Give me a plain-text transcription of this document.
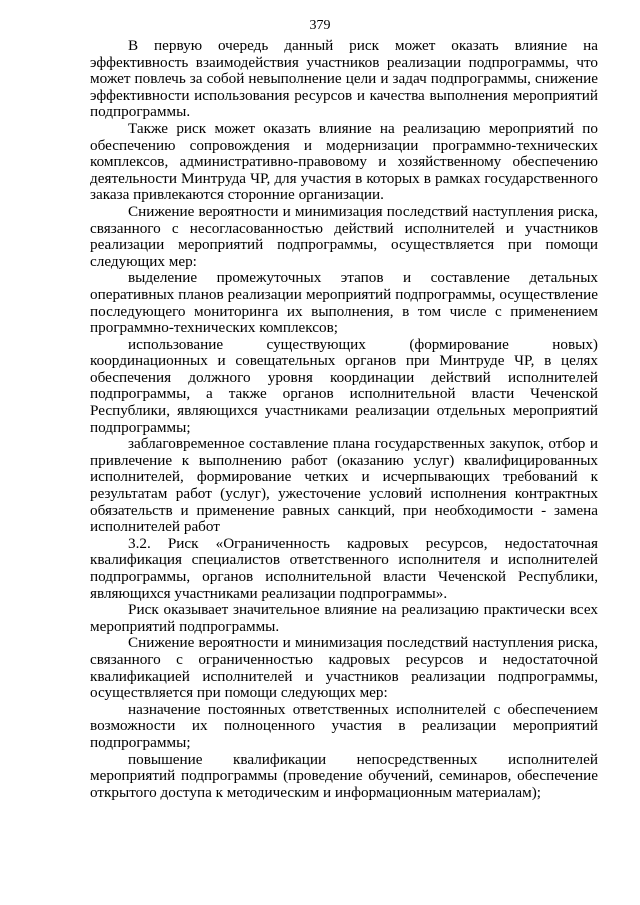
379

В первую очередь данный риск может оказать влияние на эффективность взаимодействия участников реализации подпрограммы, что может повлечь за собой невыполнение цели и задач подпрограммы, снижение эффективности использования ресурсов и качества выполнения мероприятий подпрограммы.

Также риск может оказать влияние на реализацию мероприятий по обеспечению сопровождения и модернизации программно-технических комплексов, административно-правовому и хозяйственному обеспечению деятельности Минтруда ЧР, для участия в которых в рамках государственного заказа привлекаются сторонние организации.

Снижение вероятности и минимизация последствий наступления риска, связанного с несогласованностью действий исполнителей и участников реализации мероприятий подпрограммы, осуществляется при помощи следующих мер:

выделение промежуточных этапов и составление детальных оперативных планов реализации мероприятий подпрограммы, осуществление последующего мониторинга их выполнения, в том числе с применением программно-технических комплексов;

использование существующих (формирование новых) координационных и совещательных органов при Минтруде ЧР, в целях обеспечения должного уровня координации действий исполнителей подпрограммы, а также органов исполнительной власти Чеченской Республики, являющихся участниками реализации отдельных мероприятий подпрограммы;

заблаговременное составление плана государственных закупок, отбор и привлечение к выполнению работ (оказанию услуг) квалифицированных исполнителей, формирование четких и исчерпывающих требований к результатам работ (услуг), ужесточение условий исполнения контрактных обязательств и применение равных санкций, при необходимости - замена исполнителей работ

3.2. Риск «Ограниченность кадровых ресурсов, недостаточная квалификация специалистов ответственного исполнителя и исполнителей подпрограммы, органов исполнительной власти Чеченской Республики, являющихся участниками реализации подпрограммы».

Риск оказывает значительное влияние на реализацию практически всех мероприятий подпрограммы.

Снижение вероятности и минимизация последствий наступления риска, связанного с ограниченностью кадровых ресурсов и недостаточной квалификацией исполнителей и участников реализации подпрограммы, осуществляется при помощи следующих мер:

назначение постоянных ответственных исполнителей с обеспечением возможности их полноценного участия в реализации мероприятий подпрограммы;

повышение квалификации непосредственных исполнителей мероприятий подпрограммы (проведение обучений, семинаров, обеспечение открытого доступа к методическим и информационным материалам);
